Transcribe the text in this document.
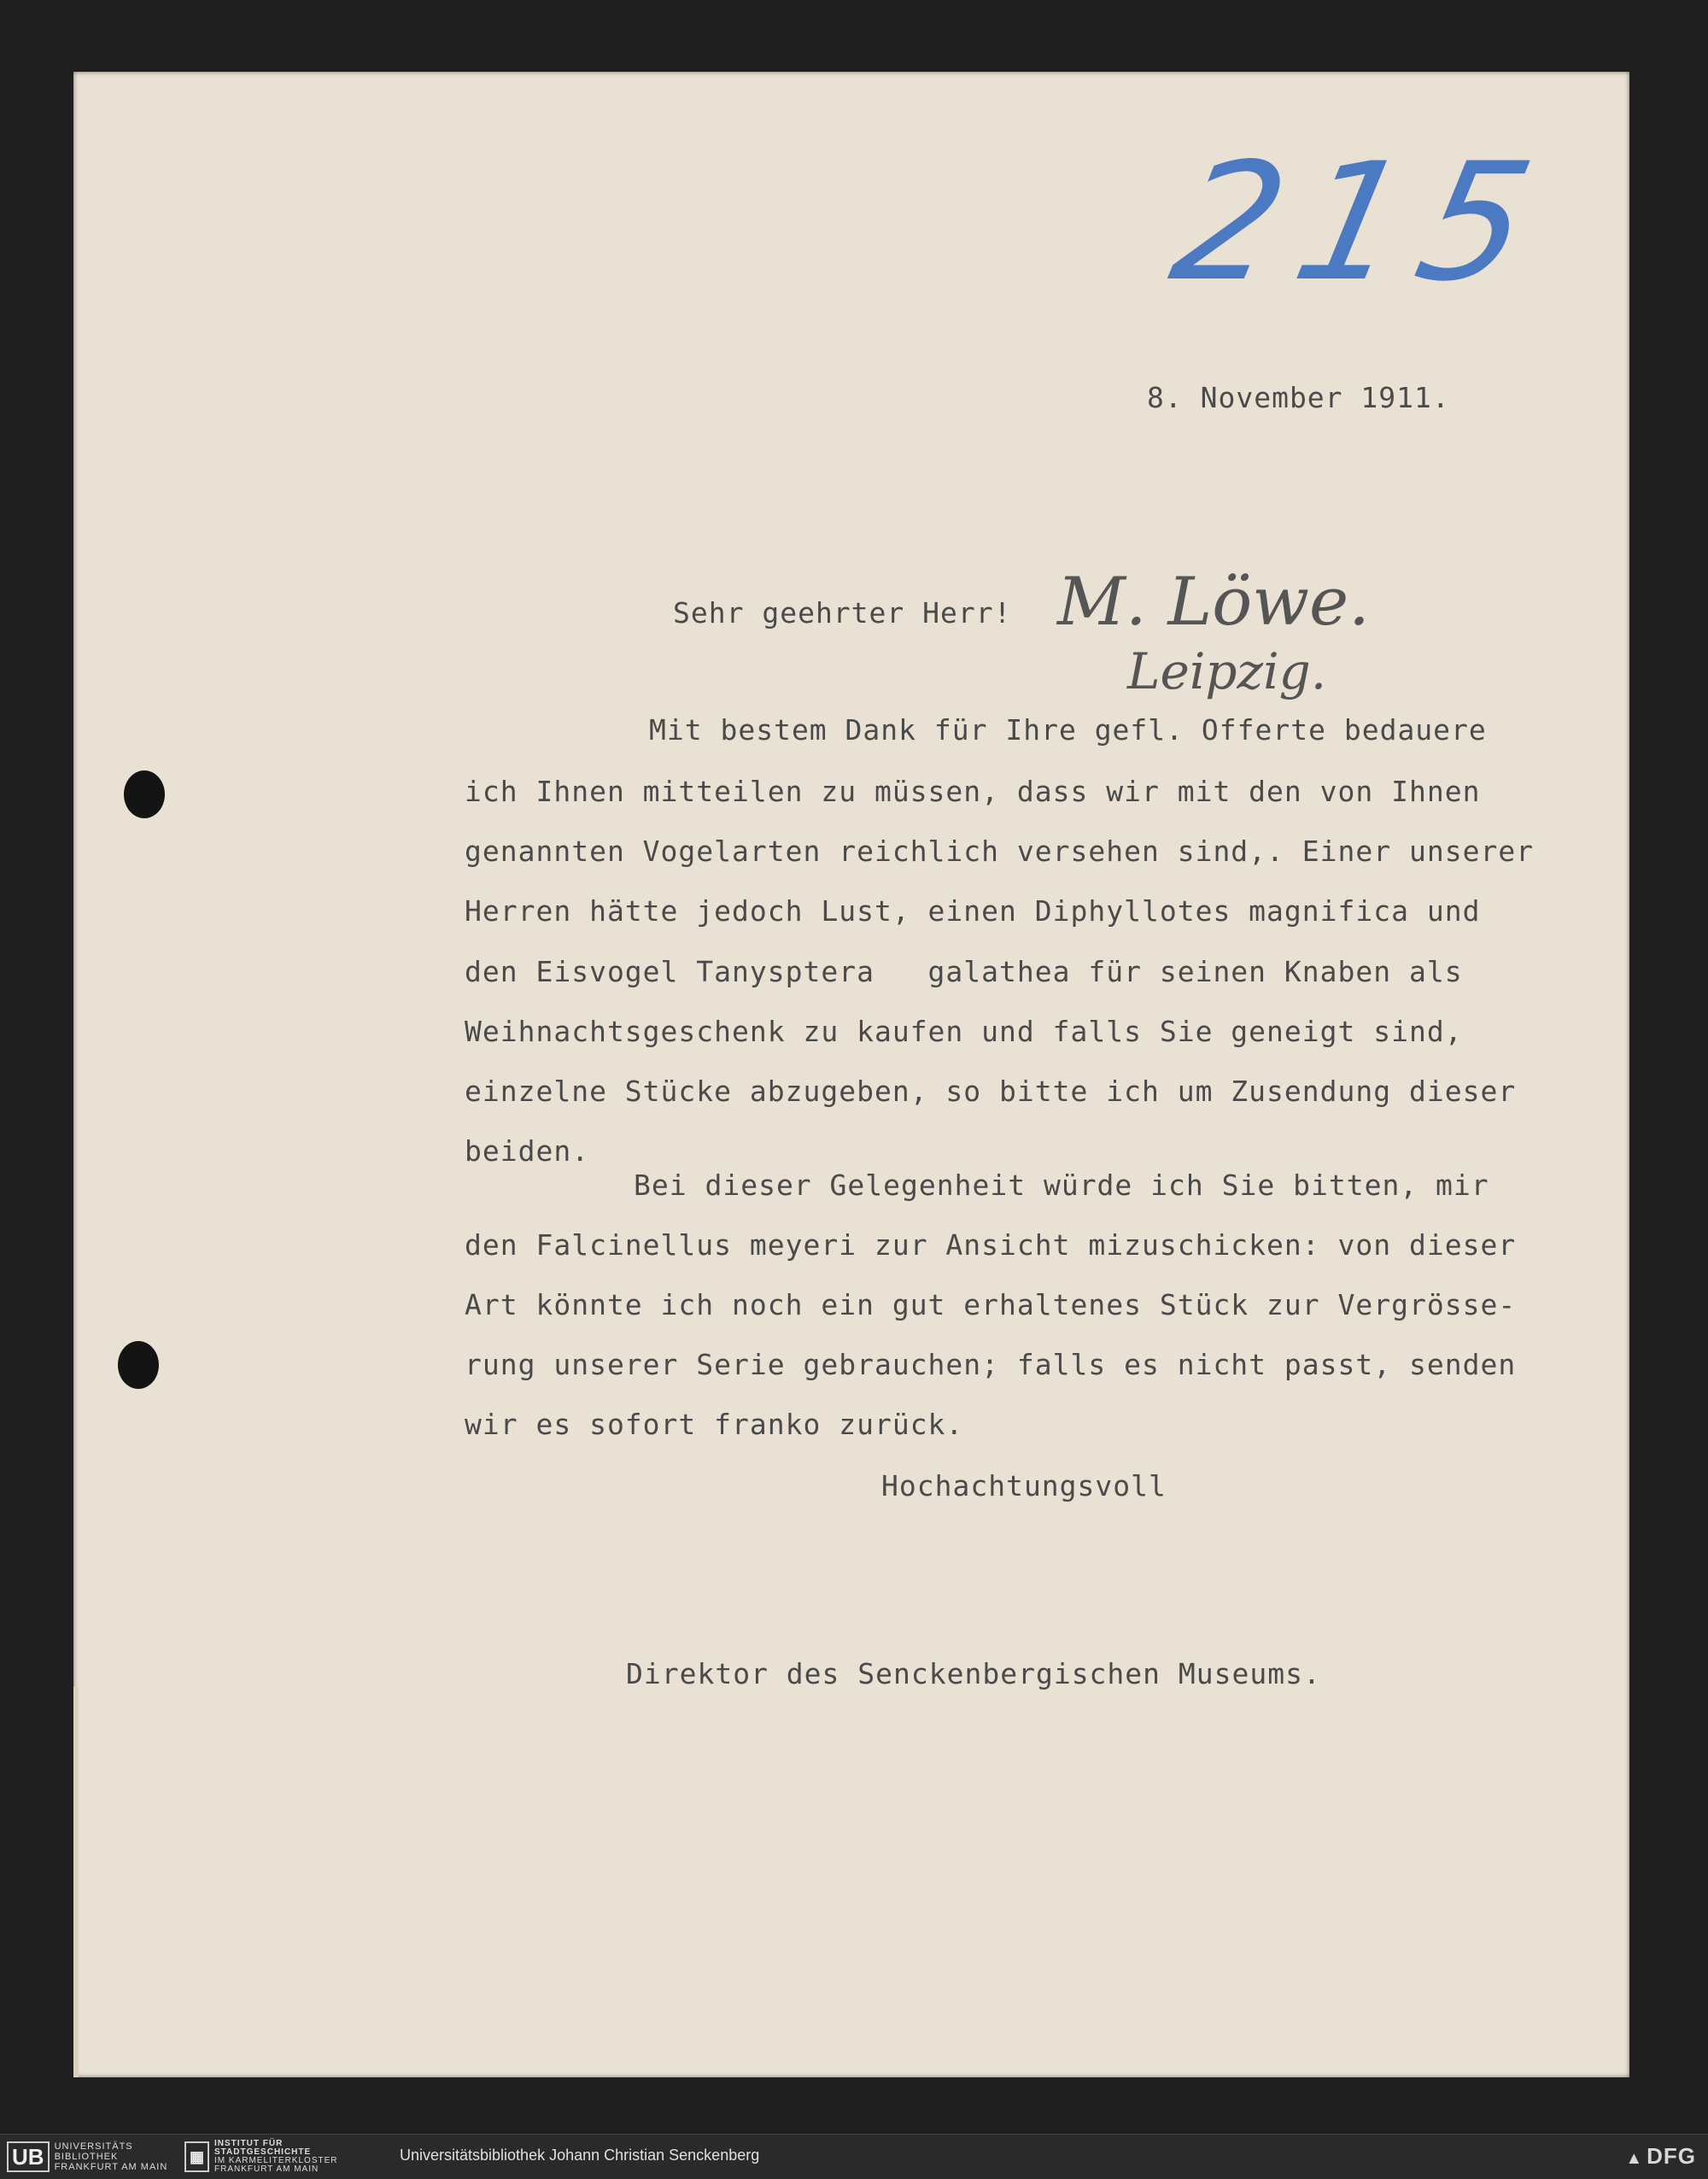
215
8. November 1911.
Sehr geehrter Herr! M. Löwe.
Leipzig.
Mit bestem Dank für Ihre gefl. Offerte bedauere
ich Ihnen mitteilen zu müssen, dass wir mit den von Ihnen
genannten Vogelarten reichlich versehen sind,. Einer unserer
Herren hätte jedoch Lust, einen Diphyllotes magnifica und
den Eisvogel Tanysptera   galathea für seinen Knaben als
Weihnachtsgeschenk zu kaufen und falls Sie geneigt sind,
einzelne Stücke abzugeben, so bitte ich um Zusendung dieser
beiden.
Bei dieser Gelegenheit würde ich Sie bitten, mir
den Falcinellus meyeri zur Ansicht mizuschicken: von dieser
Art könnte ich noch ein gut erhaltenes Stück zur Vergrösse-
rung unserer Serie gebrauchen; falls es nicht passt, senden
wir es sofort franko zurück.
Hochachtungsvoll
Direktor des Senckenbergischen Museums.
UB	UNIVERSITÄTS
BIBLIOTHEK
FRANKFURT AM MAIN
▦
INSTITUT FÜR
STADTGESCHICHTE
IM KARMELITERKLOSTER
FRANKFURT AM MAIN
Universitätsbibliothek Johann Christian Senckenberg	▲ DFG
